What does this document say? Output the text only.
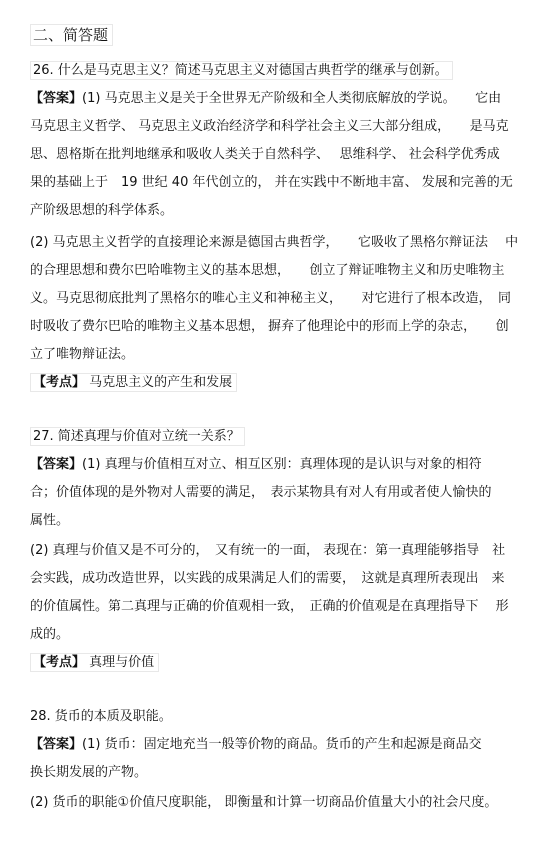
二、简答题
26. 什么是马克思主义？简述马克思主义对德国古典哲学的继承与创新。
【答案】(1) 马克思主义是关于全世界无产阶级和全人类彻底解放的学说。　　它由
马克思主义哲学、 马克思主义政治经济学和科学社会主义三大部分组成，　　是马克
思、恩格斯在批判地继承和吸收人类关于自然科学、　 思维科学、 社会科学优秀成
果的基础上于　19 世纪 40 年代创立的， 并在实践中不断地丰富、 发展和完善的无
产阶级思想的科学体系。
(2) 马克思主义哲学的直接理论来源是德国古典哲学，　　它吸收了黑格尔辩证法　 中
的合理思想和费尔巴哈唯物主义的基本思想，　　创立了辩证唯物主义和历史唯物主
义。马克思彻底批判了黑格尔的唯心主义和神秘主义，　　对它进行了根本改造，　同
时吸收了费尔巴哈的唯物主义基本思想， 摒弃了他理论中的形而上学的杂志，　　创
立了唯物辩证法。
【考点】 马克思主义的产生和发展
27. 简述真理与价值对立统一关系？
【答案】(1) 真理与价值相互对立、相互区别：真理体现的是认识与对象的相符
合；价值体现的是外物对人需要的满足，　表示某物具有对人有用或者使人愉快的
属性。
(2) 真理与价值又是不可分的，　又有统一的一面， 表现在：第一真理能够指导　社
会实践，成功改造世界，以实践的成果满足人们的需要，　这就是真理所表现出　来
的价值属性。第二真理与正确的价值观相一致，　正确的价值观是在真理指导下　 形
成的。
【考点】 真理与价值
28. 货币的本质及职能。
【答案】(1) 货币：固定地充当一般等价物的商品。货币的产生和起源是商品交
换长期发展的产物。
(2) 货币的职能①价值尺度职能， 即衡量和计算一切商品价值量大小的社会尺度。
